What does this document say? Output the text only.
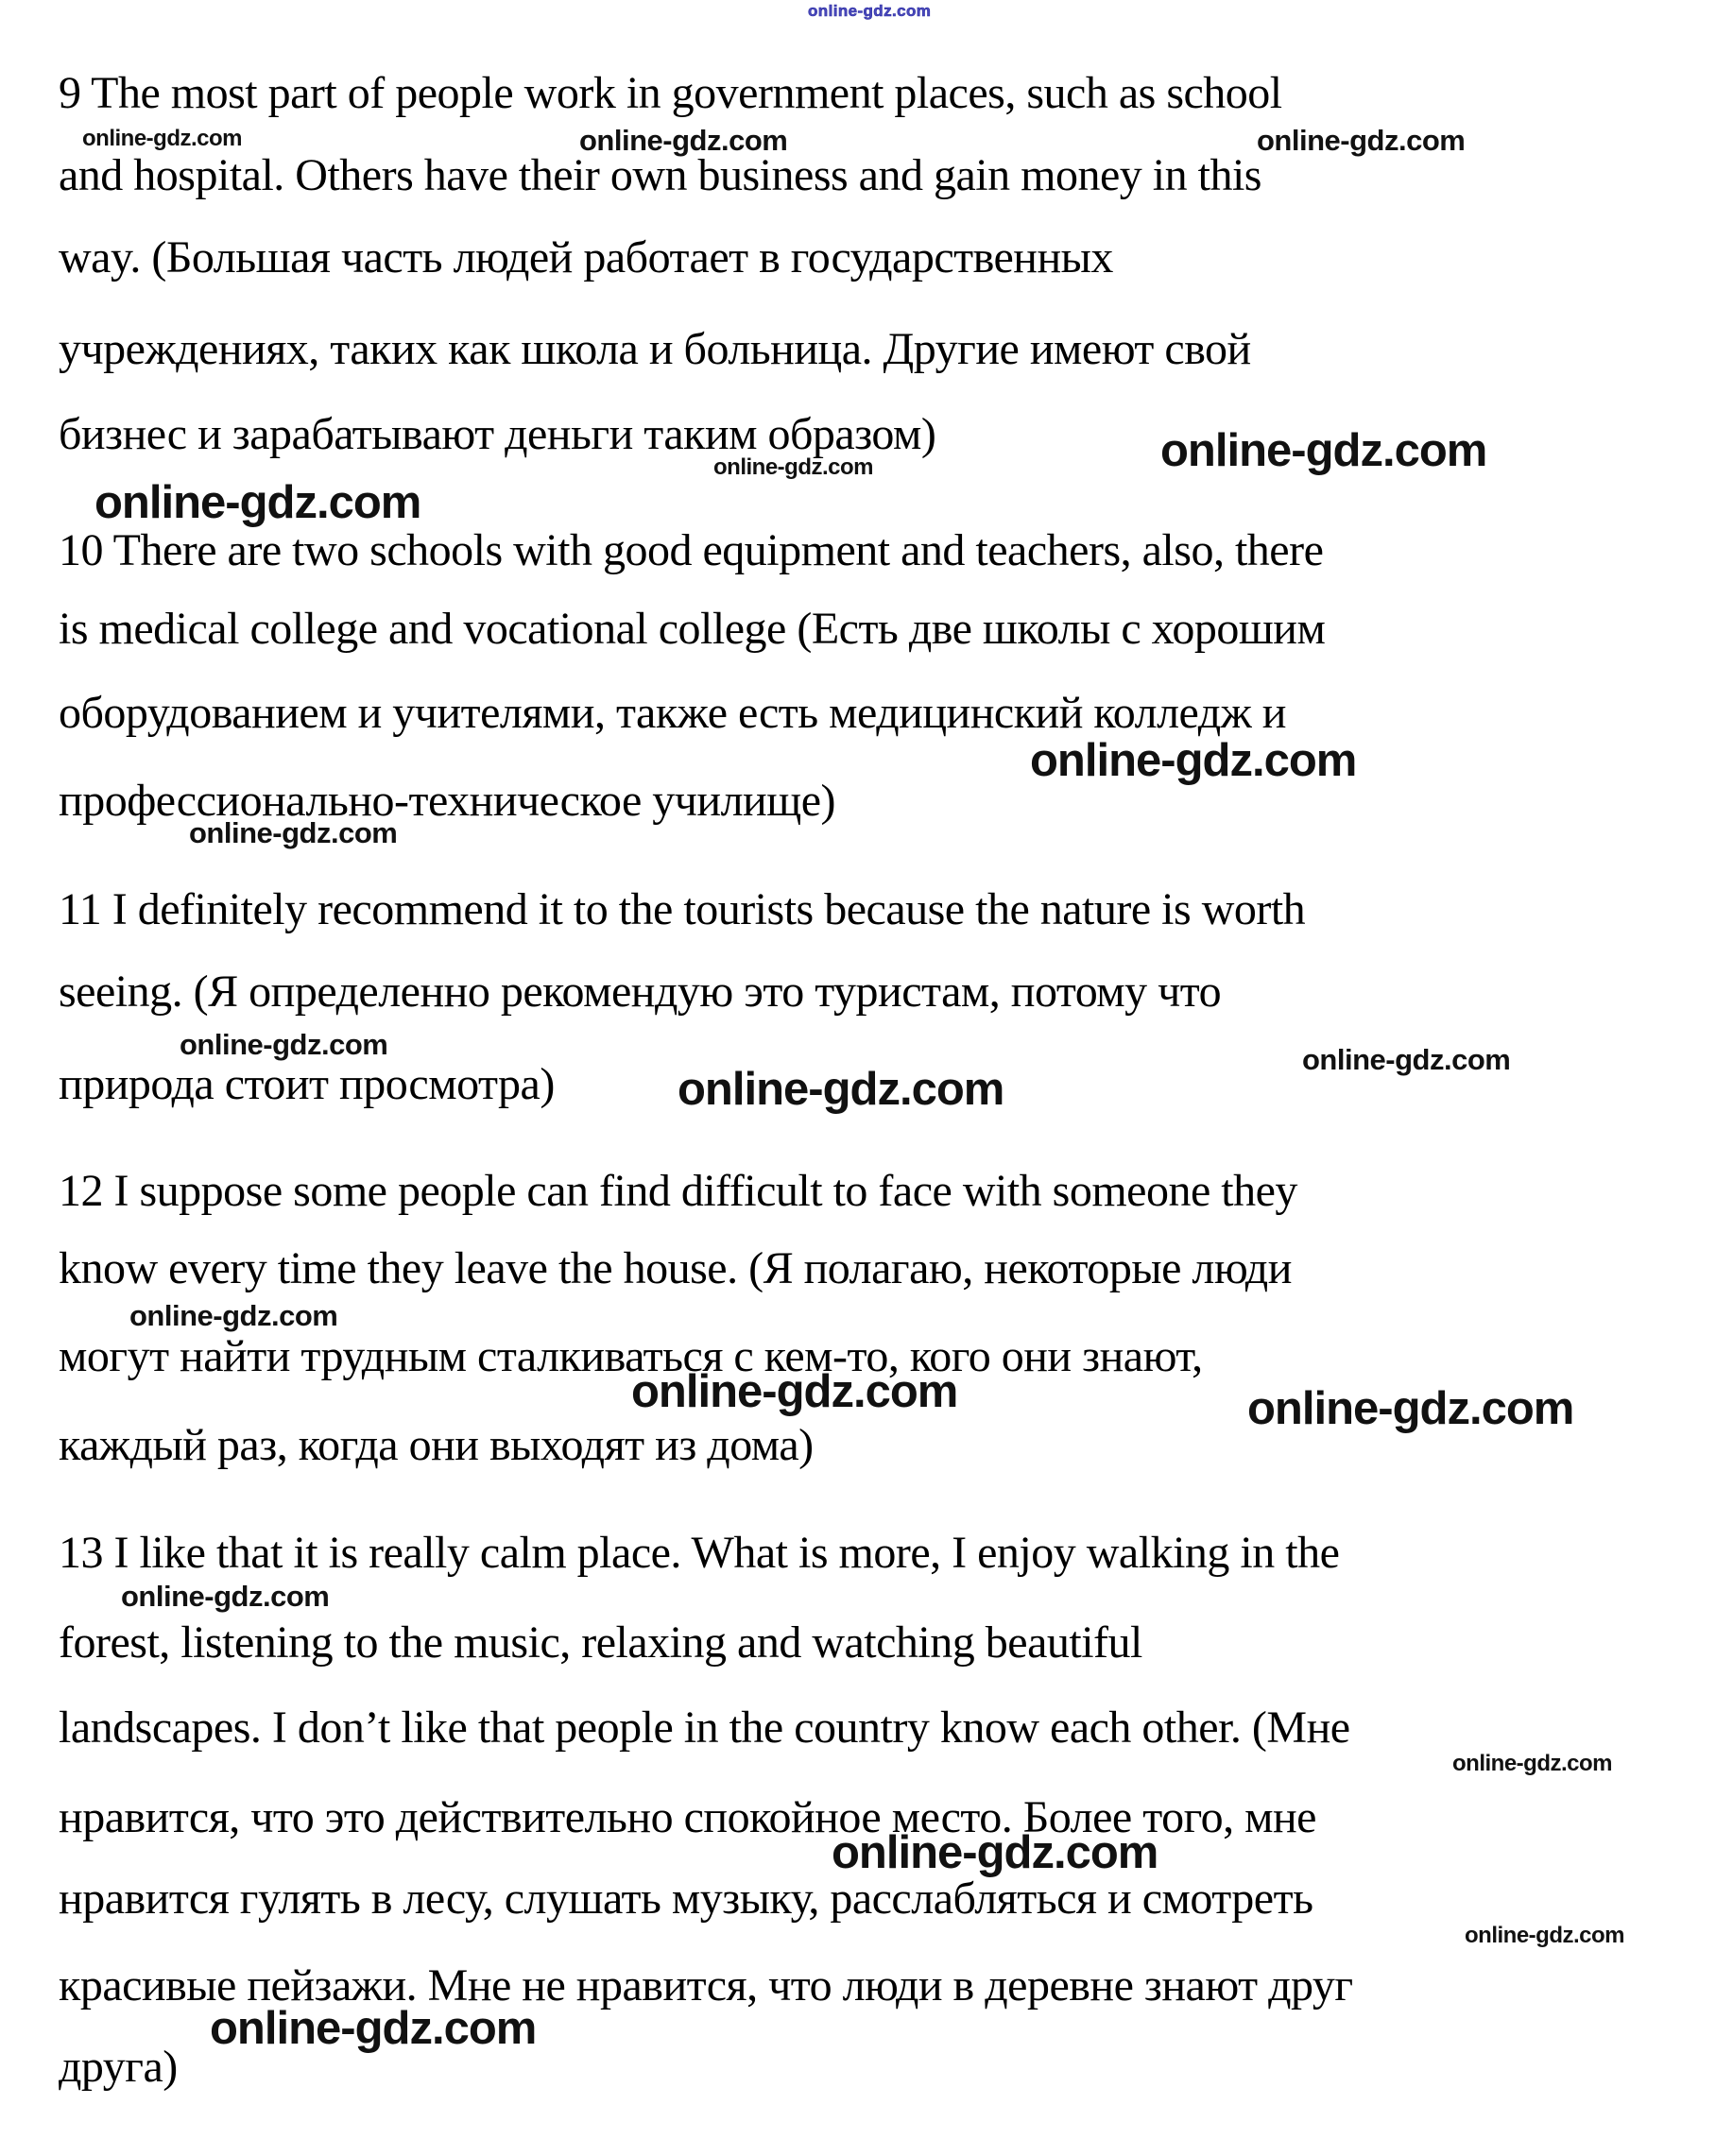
online-gdz.com
9 The most part of people work in government places, such as school
and hospital. Others have their own business and gain money in this
way. (Большая часть людей работает в государственных
учреждениях, таких как школа и больница. Другие имеют свой
бизнес и зарабатывают деньги таким образом)
10 There are two schools with good equipment and teachers, also, there
is medical college and vocational college (Есть две школы с хорошим
оборудованием и учителями, также есть медицинский колледж и
профессионально-техническое училище)
11 I definitely recommend it to the tourists because the nature is worth
seeing. (Я определенно рекомендую это туристам, потому что
природа стоит просмотра)
12 I suppose some people can find difficult to face with someone they
know every time they leave the house. (Я полагаю, некоторые люди
могут найти трудным сталкиваться с кем-то, кого они знают,
каждый раз, когда они выходят из дома)
13 I like that it is really calm place. What is more, I enjoy walking in the
forest, listening to the music, relaxing and watching beautiful
landscapes. I don’t like that people in the country know each other. (Мне
нравится, что это действительно спокойное место. Более того, мне
нравится гулять в лесу, слушать музыку, расслабляться и смотреть
красивые пейзажи. Мне не нравится, что люди в деревне знают друг
друга)
online-gdz.com	online-gdz.com	online-gdz.com
online-gdz.com	online-gdz.com
online-gdz.com
online-gdz.com
online-gdz.com
online-gdz.com	online-gdz.com
online-gdz.com
online-gdz.com
online-gdz.com	online-gdz.com
online-gdz.com
online-gdz.com
online-gdz.com
online-gdz.com
online-gdz.com
